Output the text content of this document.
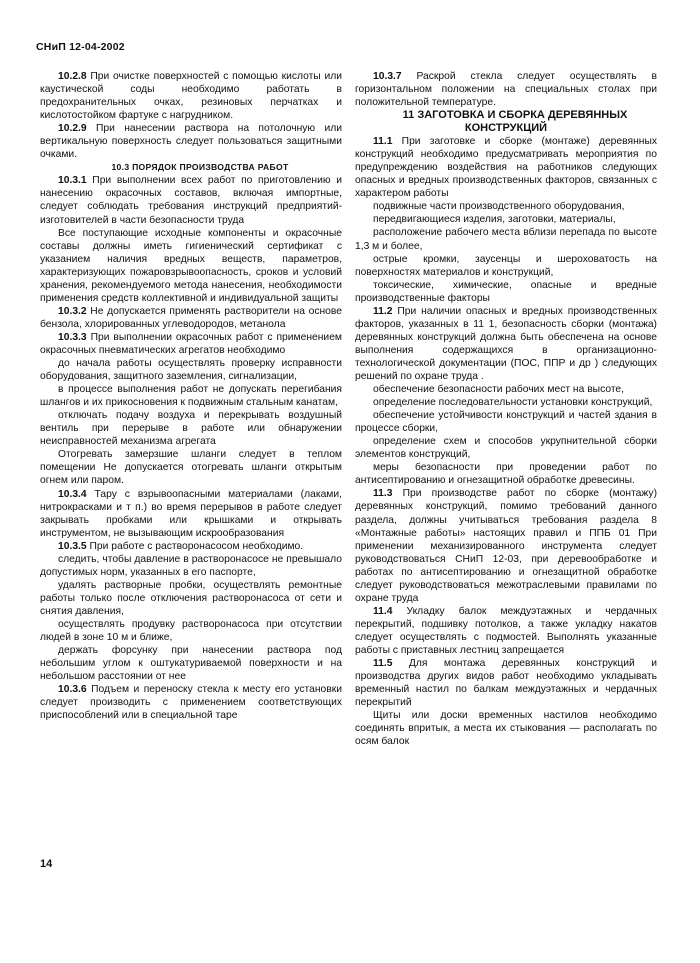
СНиП 12-04-2002

10.2.8 При очистке поверхностей с помощью кислоты или каустической соды необходимо работать в предохранительных очках, резиновых перчатках и кислотостойком фартуке с нагрудником.

10.2.9 При нанесении раствора на потолочную или вертикальную поверхность следует пользоваться защитными очками.

10.3 ПОРЯДОК ПРОИЗВОДСТВА РАБОТ

10.3.1 При выполнении всех работ по приготовлению и нанесению окрасочных составов, включая импортные, следует соблюдать требования инструкций предприятий-изготовителей в части безопасности труда

Все поступающие исходные компоненты и окрасочные составы должны иметь гигиенический сертификат с указанием наличия вредных веществ, параметров, характеризующих пожаровзрывоопасность, сроков и условий хранения, рекомендуемого метода нанесения, необходимости применения средств коллективной и индивидуальной защиты

10.3.2 Не допускается применять растворители на основе бензола, хлорированных углеводородов, метанола

10.3.3 При выполнении окрасочных работ с применением окрасочных пневматических агрегатов необходимо

до начала работы осуществлять проверку исправности оборудования, защитного заземления, сигнализации,

в процессе выполнения работ не допускать перегибания шлангов и их прикосновения к подвижным стальным канатам,

отключать подачу воздуха и перекрывать воздушный вентиль при перерыве в работе или обнаружении неисправностей механизма агрегата

Отогревать замерзшие шланги следует в теплом помещении Не допускается отогревать шланги открытым огнем или паром.

10.3.4 Тару с взрывоопасными материалами (лаками, нитрокрасками и т п.) во время перерывов в работе следует закрывать пробками или крышками и открывать инструментом, не вызывающим искрообразования

10.3.5 При работе с растворонасосом необходимо.

следить, чтобы давление в растворонасосе не превышало допустимых норм, указанных в его паспорте,

удалять растворные пробки, осуществлять ремонтные работы только после отключения растворонасоса от сети и снятия давления,

осуществлять продувку растворонасоса при отсутствии людей в зоне 10 м и ближе,

держать форсунку при нанесении раствора под небольшим углом к оштукатуриваемой поверхности и на небольшом расстоянии от нее

10.3.6 Подъем и переноску стекла к месту его установки следует производить с применением соответствующих приспособлений или в специальной таре

10.3.7 Раскрой стекла следует осуществлять в горизонтальном положении на специальных столах при положительной температуре.

11 ЗАГОТОВКА И СБОРКА ДЕРЕВЯННЫХ КОНСТРУКЦИЙ

11.1 При заготовке и сборке (монтаже) деревянных конструкций необходимо предусматривать мероприятия по предупреждению воздействия на работников следующих опасных и вредных производственных факторов, связанных с характером работы

подвижные части производственного оборудования,

передвигающиеся изделия, заготовки, материалы,

расположение рабочего места вблизи перепада по высоте 1,3 м и более,

острые кромки, заусенцы и шероховатость на поверхностях материалов и конструкций,

токсические, химические, опасные и вредные производственные факторы

11.2 При наличии опасных и вредных производственных факторов, указанных в 11 1, безопасность сборки (монтажа) деревянных конструкций должна быть обеспечена на основе выполнения содержащихся в организационно-технологической документации (ПОС, ППР и др ) следующих решений по охране труда .

обеспечение безопасности рабочих мест на высоте,

определение последовательности установки конструкций,

обеспечение устойчивости конструкций и частей здания в процессе сборки,

определение схем и способов укрупнительной сборки элементов конструкций,

меры безопасности при проведении работ по антисептированию и огнезащитной обработке древесины.

11.3 При производстве работ по сборке (монтажу) деревянных конструкций, помимо требований данного раздела, должны учитываться требования раздела 8 «Монтажные работы» настоящих правил и ППБ 01 При применении механизированного инструмента следует руководствоваться СНиП 12-03, при деревообработке и работах по антисептированию и огнезащитной обработке следует руководствоваться межотраслевыми правилами по охране труда

11.4 Укладку балок междуэтажных и чердачных перекрытий, подшивку потолков, а также укладку накатов следует осуществлять с подмостей. Выполнять указанные работы с приставных лестниц запрещается

11.5 Для монтажа деревянных конструкций и производства других видов работ необходимо укладывать временный настил по балкам междуэтажных и чердачных перекрытий

Щиты или доски временных настилов необходимо соединять впритык, а места их стыкования — располагать по осям балок

14
